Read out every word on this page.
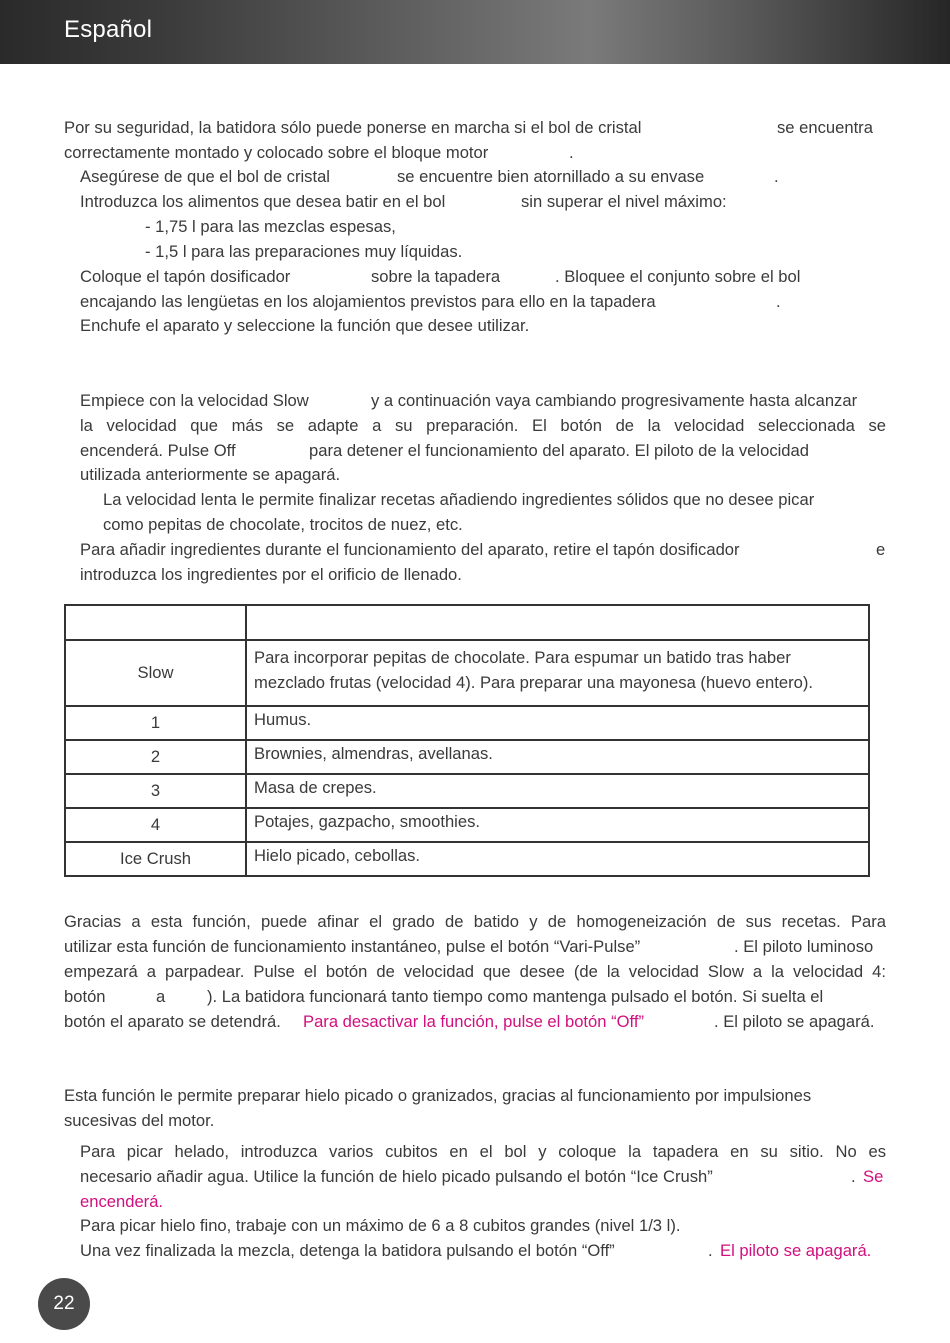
Español
Por su seguridad, la batidora sólo puede ponerse en marcha si el bol de cristal	se encuentra
correctamente montado y colocado sobre el bloque motor	.
Asegúrese de que el bol de cristal	se encuentre bien atornillado a su envase	.
Introduzca los alimentos que desea batir en el bol	sin superar el nivel máximo:
- 1,75 l para las mezclas espesas,
- 1,5 l para las preparaciones muy líquidas.
Coloque el tapón dosificador	sobre la tapadera	. Bloquee el conjunto sobre el bol
encajando las lengüetas en los alojamientos previstos para ello en la tapadera	.
Enchufe el aparato y seleccione la función que desee utilizar.
Empiece con la velocidad Slow	y a continuación vaya cambiando progresivamente hasta alcanzar
la velocidad que más se adapte a su preparación. El botón de la velocidad seleccionada se
encenderá. Pulse Off	para detener el funcionamiento del aparato. El piloto de la velocidad
utilizada anteriormente se apagará.
La velocidad lenta le permite finalizar recetas añadiendo ingredientes sólidos que no desee picar
como pepitas de chocolate, trocitos de nuez, etc.
Para añadir ingredientes durante el funcionamiento del aparato, retire el tapón dosificador	e
introduzca los ingredientes por el orificio de llenado.

Slow	Para incorporar pepitas de chocolate. Para espumar un batido tras haber
mezclado frutas (velocidad 4). Para preparar una mayonesa (huevo entero).

1	Humus.
2	Brownies, almendras, avellanas.
3	Masa de crepes.
4	Potajes, gazpacho, smoothies.
Ice Crush	Hielo picado, cebollas.
Gracias a esta función, puede afinar el grado de batido y de homogeneización de sus recetas. Para
utilizar esta función de funcionamiento instantáneo, pulse el botón “Vari-Pulse”	. El piloto luminoso
empezará a parpadear. Pulse el botón de velocidad que desee (de la velocidad Slow a la velocidad 4:
botón	a	). La batidora funcionará tanto tiempo como mantenga pulsado el botón. Si suelta el
botón el aparato se detendrá. Para desactivar la función, pulse el botón “Off”	. El piloto se apagará.
Esta función le permite preparar hielo picado o granizados, gracias al funcionamiento por impulsiones
sucesivas del motor.
Para picar helado, introduzca varios cubitos en el bol y coloque la tapadera en su sitio. No es
necesario añadir agua. Utilice la función de hielo picado pulsando el botón “Ice Crush”	. Se
encenderá.
Para picar hielo fino, trabaje con un máximo de 6 a 8 cubitos grandes (nivel 1/3 l).
Una vez finalizada la mezcla, detenga la batidora pulsando el botón “Off”	. El piloto se apagará.
22
